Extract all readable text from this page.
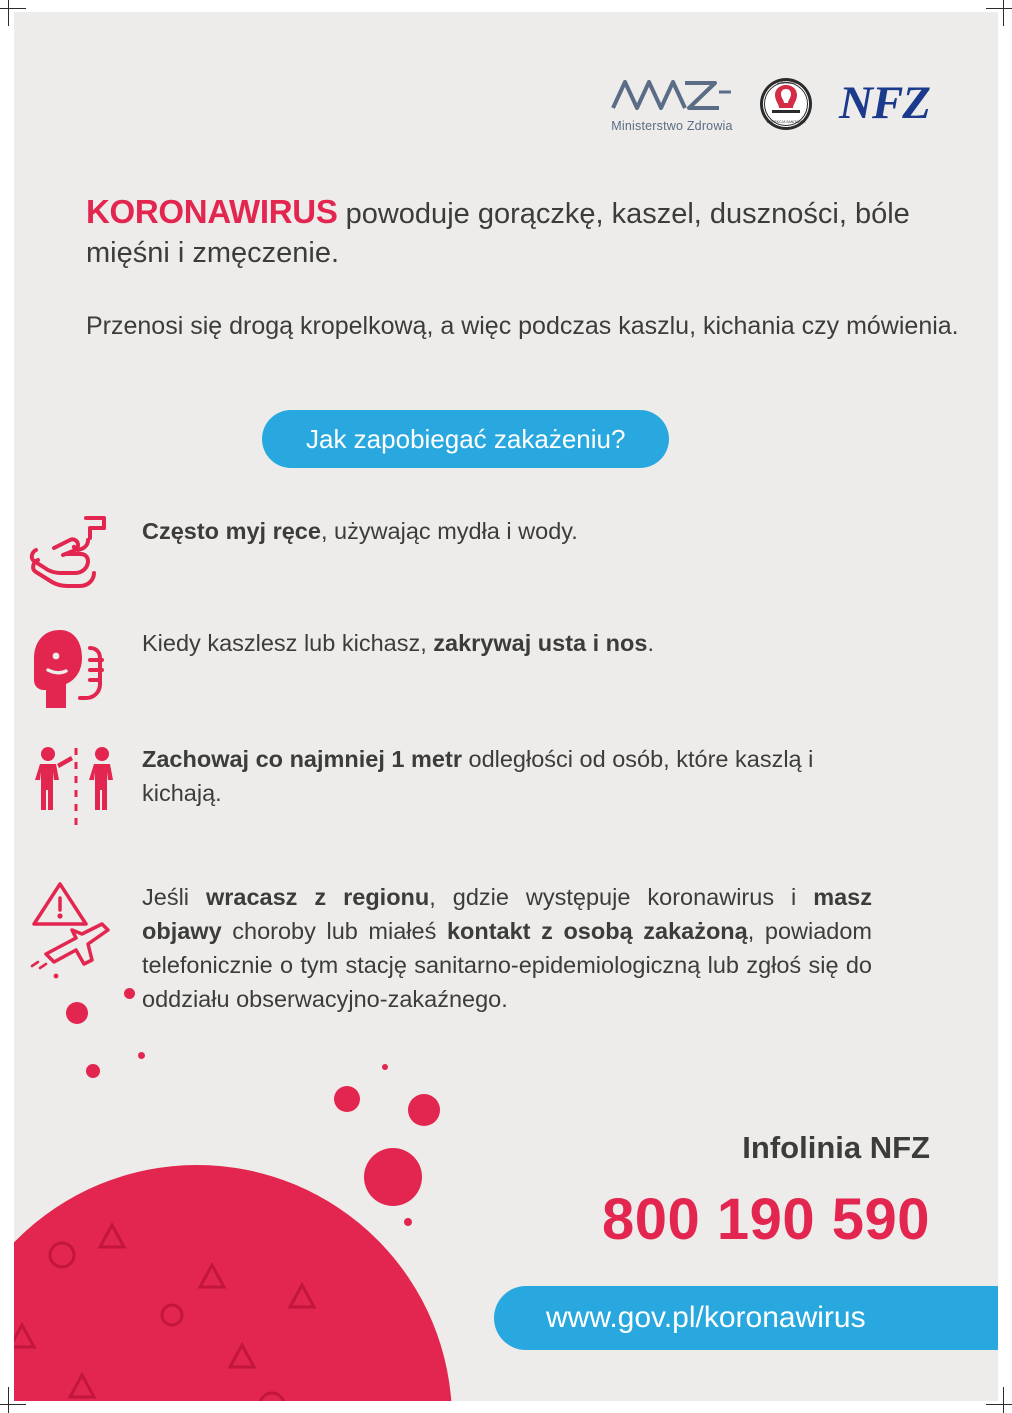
Ministerstwo Zdrowia
PAŃSTWOWA
INSPEKCJA SANITARNA NFZ
KORONAWIRUS powoduje gorączkę, kaszel, duszności, bóle mięśni i zmęczenie.
Przenosi się drogą kropelkową, a więc podczas kaszlu, kichania czy mówienia.
Jak zapobiegać zakażeniu?
Często myj ręce, używając mydła i wody.
Kiedy kaszlesz lub kichasz, zakrywaj usta i nos.
Zachowaj co najmniej 1 metr odległości od osób, które kaszlą i kichają.
Jeśli wracasz z regionu, gdzie występuje koronawirus i masz objawy choroby lub miałeś kontakt z osobą zakażoną, powiadom telefonicznie o tym stację sanitarno-epidemiologiczną lub zgłoś się do oddziału obserwacyjno-zakaźnego.
Infolinia NFZ
800 190 590
www.gov.pl/koronawirus
